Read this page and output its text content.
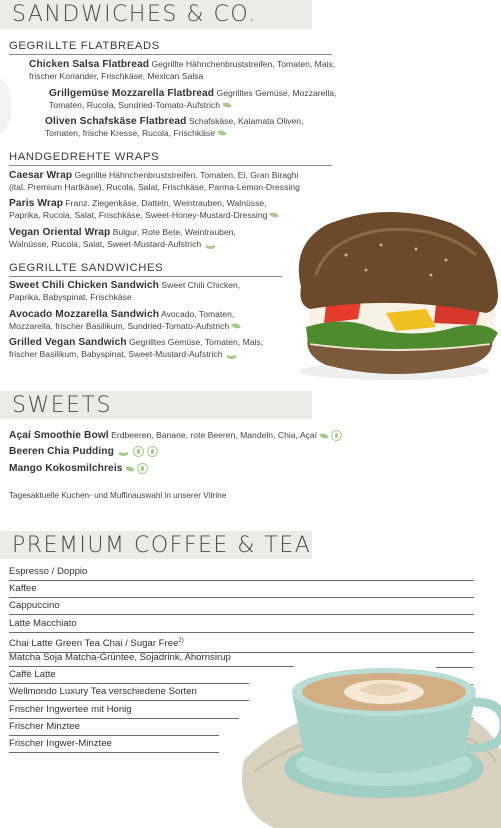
SANDWICHES & CO.
GEGRILLTE FLATBREADS
Chicken Salsa Flatbread Gegrillte Hähnchenbruststreifen, Tomaten, Mais,
frischer Koriander, Frischkäse, Mexican Salsa
Grillgemüse Mozzarella Flatbread Gegrilltes Gemüse, Mozzarella,
Tomaten, Rucola, Sundried-Tomato-Aufstrich
Oliven Schafskäse Flatbread Schafskäse, Kalamata Oliven,
Tomaten, frische Kresse, Rucola, Frischkäse
HANDGEDREHTE WRAPS
Caesar Wrap Gegrillte Hähnchenbruststreifen, Tomaten, Ei, Gran Biraghi
(ital. Premium Hartkäse), Rucola, Salat, Frischkäse, Parma-Lemon-Dressing
Paris Wrap Franz. Ziegenkäse, Datteln, Weintrauben, Walnüsse,
Paprika, Rucola, Salat, Frischkäse, Sweet-Honey-Mustard-Dressing
Vegan Oriental Wrap Bulgur, Rote Bete, Weintrauben,
Walnüsse, Rucola, Salat, Sweet-Mustard-Aufstrich
GEGRILLTE SANDWICHES
Sweet Chili Chicken Sandwich Sweet Chili Chicken,
Paprika, Babyspinat, Frischkäse
Avocado Mozzarella Sandwich Avocado, Tomaten,
Mozzarella, frischer Basilikum, Sundried-Tomato-Aufstrich
Grilled Vegan Sandwich Gegrilltes Gemüse, Tomaten, Mais,
frischer Basilikum, Babyspinat, Sweet-Mustard-Aufstrich
SWEETS
Açaí Smoothie Bowl Erdbeeren, Banane, rote Beeren, Mandeln, Chia, Açaí
Beeren Chia Pudding
Mango Kokosmilchreis
Tagesaktuelle Kuchen- und Muffinauswahl in unserer Vitrine
PREMIUM COFFEE & TEA
Espresso / Doppio
Kaffee
Cappuccino
Latte Macchiato
Chai Latte Green Tea Chai / Sugar Free$^{2)}$
Matcha Soja Matcha-Grüntee, Sojadrink, Ahornsirup
Caffè Latte
Wellmondo Luxury Tea verschiedene Sorten
Frischer Ingwertee mit Honig
Frischer Minztee
Frischer Ingwer-Minztee
